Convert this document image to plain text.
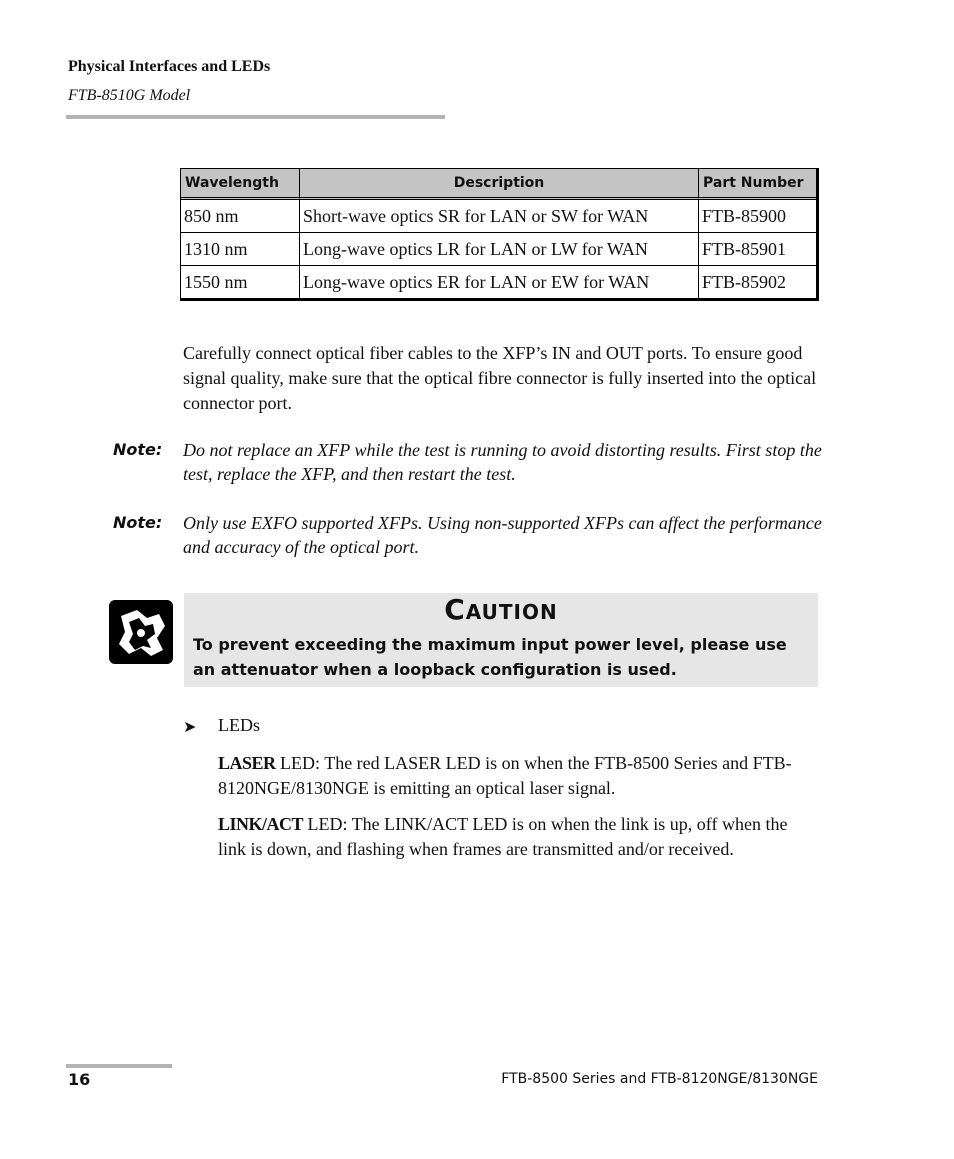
Physical Interfaces and LEDs
FTB-8510G Model
Wavelength	Description	Part Number
850 nm	Short-wave optics SR for LAN or SW for WAN	FTB-85900
1310 nm	Long-wave optics LR for LAN or LW for WAN	FTB-85901
1550 nm	Long-wave optics ER for LAN or EW for WAN	FTB-85902
Carefully connect optical fiber cables to the XFP’s IN and OUT ports. To ensure good signal quality, make sure that the optical fibre connector is fully inserted into the optical connector port.
Note: Do not replace an XFP while the test is running to avoid distorting results. First stop the test, replace the XFP, and then restart the test.
Note: Only use EXFO supported XFPs. Using non-supported XFPs can affect the performance and accuracy of the optical port.
Caution
To prevent exceeding the maximum input power level, please use an attenuator when a loopback configuration is used.
➤ LEDs
LASER LED: The red LASER LED is on when the FTB-8500 Series and FTB-8120NGE/8130NGE is emitting an optical laser signal.
LINK/ACT LED: The LINK/ACT LED is on when the link is up, off when the link is down, and flashing when frames are transmitted and/or received.
16	FTB-8500 Series and FTB-8120NGE/8130NGE
